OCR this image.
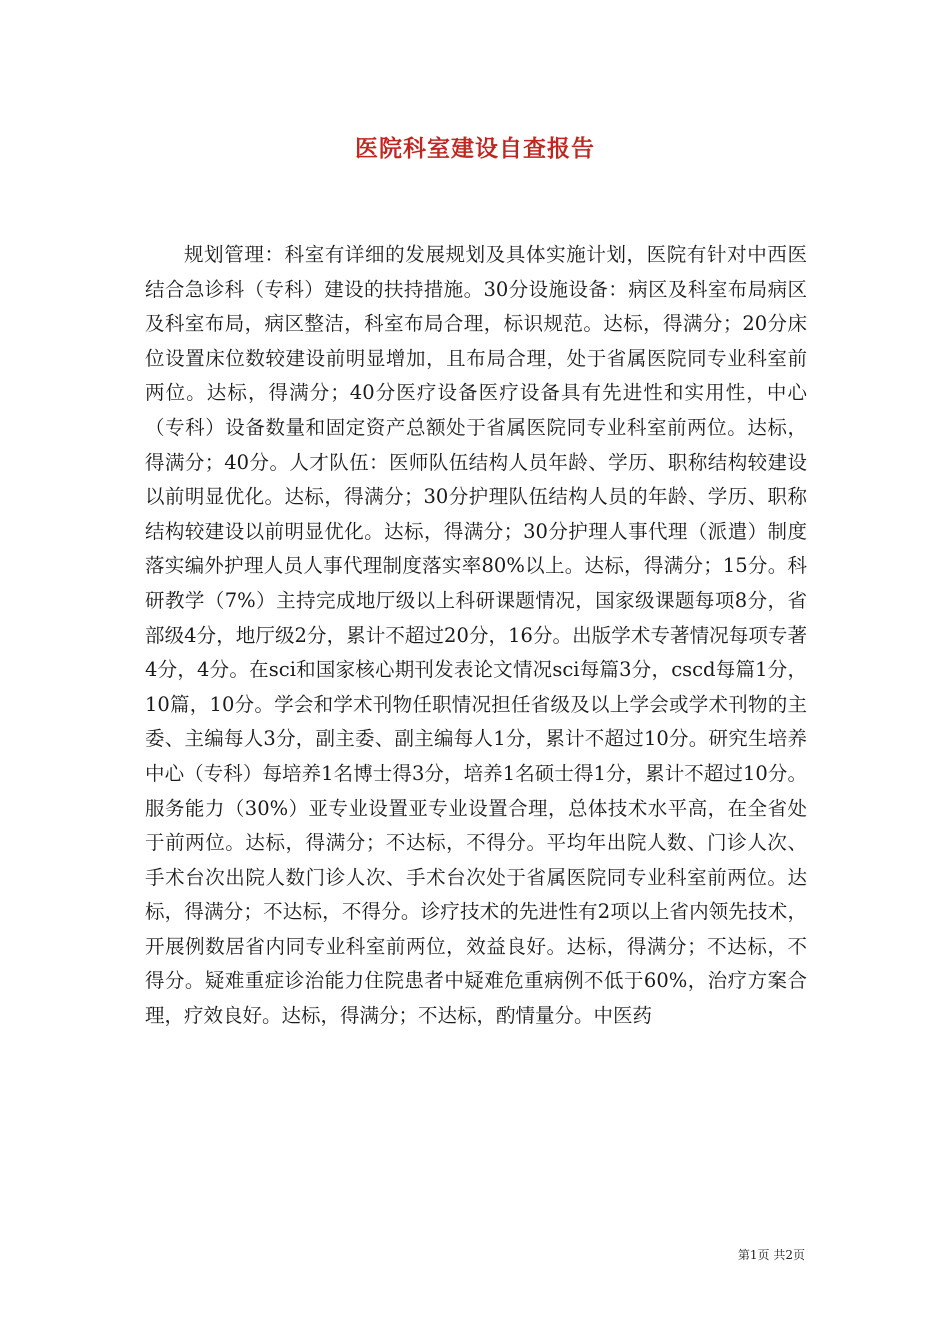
医院科室建设自查报告
规划管理：科室有详细的发展规划及具体实施计划，医院有针对中西医结合急诊科（专科）建设的扶持措施。30分设施设备：病区及科室布局病区及科室布局，病区整洁，科室布局合理，标识规范。达标，得满分；20分床位设置床位数较建设前明显增加，且布局合理，处于省属医院同专业科室前两位。达标，得满分；40分医疗设备医疗设备具有先进性和实用性，中心（专科）设备数量和固定资产总额处于省属医院同专业科室前两位。达标，得满分；40分。人才队伍：医师队伍结构人员年龄、学历、职称结构较建设以前明显优化。达标，得满分；30分护理队伍结构人员的年龄、学历、职称结构较建设以前明显优化。达标，得满分；30分护理人事代理（派遣）制度落实编外护理人员人事代理制度落实率80%以上。达标，得满分；15分。科研教学（7%）主持完成地厅级以上科研课题情况，国家级课题每项8分，省部级4分，地厅级2分，累计不超过20分，16分。出版学术专著情况每项专著4分，4分。在sci和国家核心期刊发表论文情况sci每篇3分，cscd每篇1分，10篇，10分。学会和学术刊物任职情况担任省级及以上学会或学术刊物的主委、主编每人3分，副主委、副主编每人1分，累计不超过10分。研究生培养中心（专科）每培养1名博士得3分，培养1名硕士得1分，累计不超过10分。服务能力（30%）亚专业设置亚专业设置合理，总体技术水平高，在全省处于前两位。达标，得满分；不达标，不得分。平均年出院人数、门诊人次、手术台次出院人数门诊人次、手术台次处于省属医院同专业科室前两位。达标，得满分；不达标，不得分。诊疗技术的先进性有2项以上省内领先技术，开展例数居省内同专业科室前两位，效益良好。达标，得满分；不达标，不得分。疑难重症诊治能力住院患者中疑难危重病例不低于60%，治疗方案合理，疗效良好。达标，得满分；不达标，酌情量分。中医药
第1页 共2页
